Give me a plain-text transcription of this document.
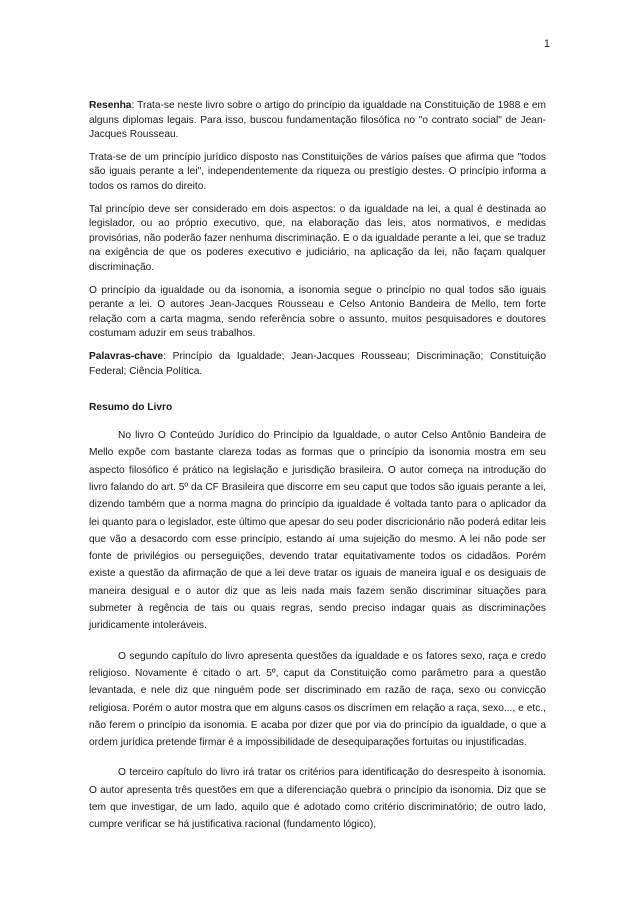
1

Resenha: Trata-se neste livro sobre o artigo do princípio da igualdade na Constituição de 1988 e em alguns diplomas legais. Para isso, buscou fundamentação filosófica no "o contrato social" de Jean-Jacques Rousseau.

Trata-se de um princípio jurídico disposto nas Constituições de vários países que afirma que "todos são iguais perante a lei", independentemente da riqueza ou prestígio destes. O princípio informa a todos os ramos do direito.

Tal princípio deve ser considerado em dois aspectos: o da igualdade na lei, a qual é destinada ao legislador, ou ao próprio executivo, que, na elaboração das leis, atos normativos, e medidas provisórias, não poderão fazer nenhuma discriminação. E o da igualdade perante a lei, que se traduz na exigência de que os poderes executivo e judiciário, na aplicação da lei, não façam qualquer discriminação.

O princípio da igualdade ou da isonomia, a isonomia segue o princípio no qual todos são iguais perante a lei. O autores Jean-Jacques Rousseau e Celso Antonio Bandeira de Mello, tem forte relação com a carta magma, sendo referência sobre o assunto, muitos pesquisadores e doutores costumam aduzir em seus trabalhos.

Palavras-chave: Princípio da Igualdade; Jean-Jacques Rousseau; Discriminação; Constituição Federal; Ciência Política.

Resumo do Livro

No livro O Conteúdo Jurídico do Princípio da Igualdade, o autor Celso Antônio Bandeira de Mello expõe com bastante clareza todas as formas que o princípio da isonomia mostra em seu aspecto filosófico é prático na legislação e jurisdição brasileira. O autor começa na introdução do livro falando do art. 5º da CF Brasileira que discorre em seu caput que todos são iguais perante a lei, dizendo também que a norma magna do princípio da igualdade é voltada tanto para o aplicador da lei quanto para o legislador, este último que apesar do seu poder discricionário não poderá editar leis que vão a desacordo com esse princípio, estando aí uma sujeição do mesmo. A lei não pode ser fonte de privilégios ou perseguições, devendo tratar equitativamente todos os cidadãos. Porém existe a questão da afirmação de que a lei deve tratar os iguais de maneira igual e os desiguais de maneira desigual e o autor diz que as leis nada mais fazem senão discriminar situações para submeter à regência de tais ou quais regras, sendo preciso indagar quais as discriminações juridicamente intoleráveis.

O segundo capítulo do livro apresenta questões da igualdade e os fatores sexo, raça e credo religioso. Novamente é citado o art. 5º, caput da Constituição como parâmetro para a questão levantada, e nele diz que ninguém pode ser discriminado em razão de raça, sexo ou convicção religiosa. Porém o autor mostra que em alguns casos os discrímen em relação a raça, sexo..., e etc., não ferem o princípio da isonomia. E acaba por dizer que por via do princípio da igualdade, o que a ordem jurídica pretende firmar é a impossibilidade de desequiparações fortuitas ou injustificadas.

O terceiro capítulo do livro irá tratar os critérios para identificação do desrespeito à isonomia. O autor apresenta três questões em que a diferenciação quebra o princípio da isonomia. Diz que se tem que investigar, de um lado, aquilo que é adotado como critério discriminatório; de outro lado, cumpre verificar se há justificativa racional (fundamento lógico),
